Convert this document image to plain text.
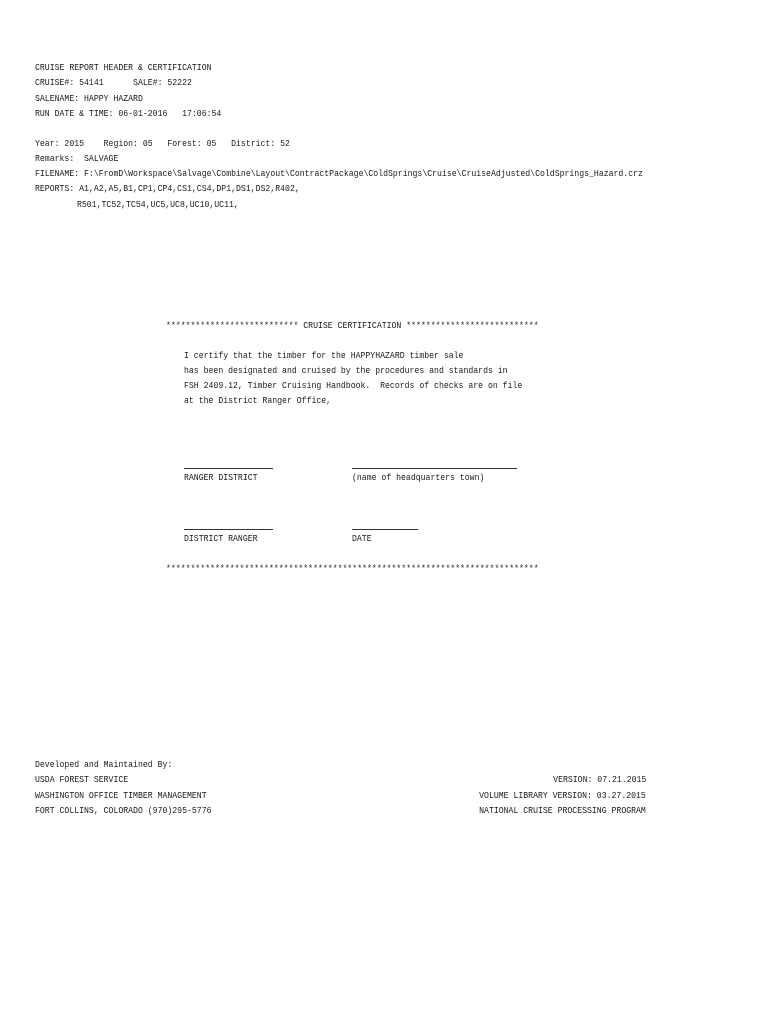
CRUISE REPORT HEADER & CERTIFICATION
CRUISE#: 54141      SALE#: 52222
SALENAME: HAPPY HAZARD
RUN DATE & TIME: 06-01-2016   17:06:54
Year: 2015    Region: 05   Forest: 05   District: 52
Remarks:  SALVAGE
FILENAME: F:\FromD\Workspace\Salvage\Combine\Layout\ContractPackage\ColdSprings\Cruise\CruiseAdjusted\ColdSprings_Hazard.crz
REPORTS: A1,A2,A5,B1,CP1,CP4,CS1,CS4,DP1,DS1,DS2,R402,
R501,TC52,TC54,UC5,UC8,UC10,UC11,
*************************** CRUISE CERTIFICATION ***************************
I certify that the timber for the HAPPYHAZARD timber sale
has been designated and cruised by the procedures and standards in
FSH 2409.12, Timber Cruising Handbook.  Records of checks are on file
at the District Ranger Office,
RANGER DISTRICT	(name of headquarters town)
DISTRICT RANGER	DATE
****************************************************************************
Developed and Maintained By:
USDA FOREST SERVICE
WASHINGTON OFFICE TIMBER MANAGEMENT
FORT COLLINS, COLORADO (970)295-5776
VERSION: 07.21.2015
VOLUME LIBRARY VERSION: 03.27.2015
NATIONAL CRUISE PROCESSING PROGRAM
